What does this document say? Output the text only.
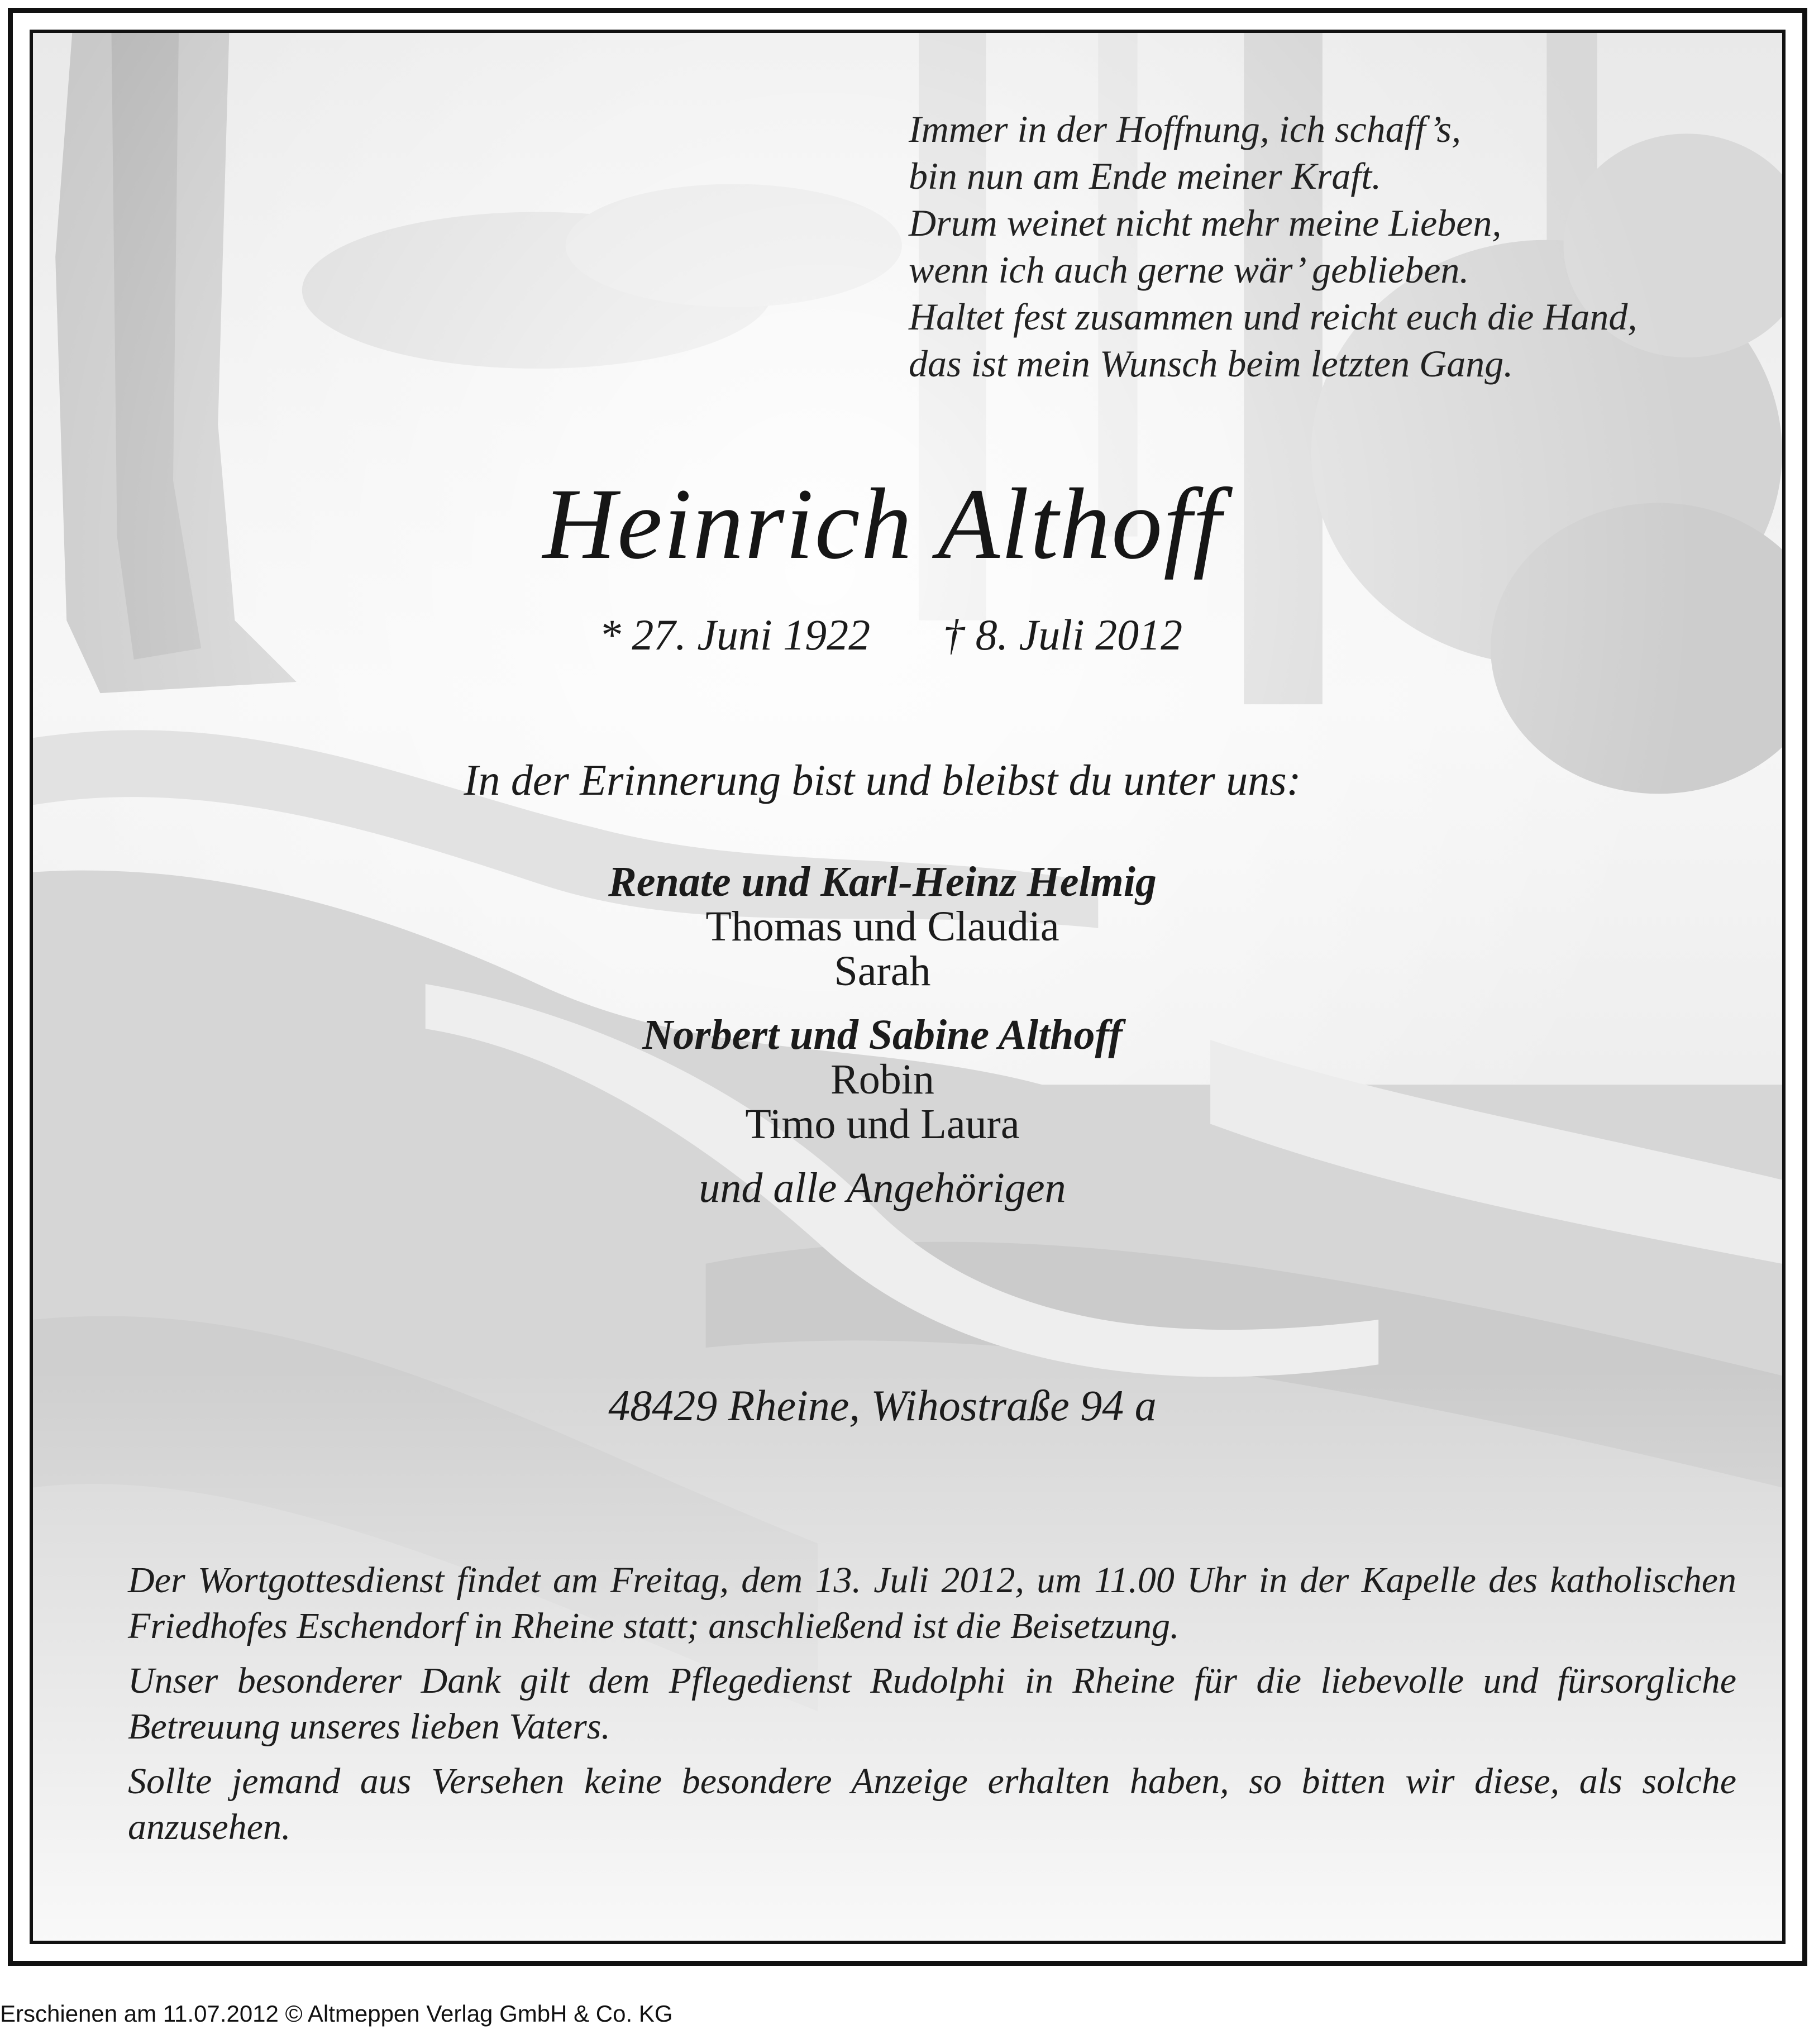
Immer in der Hoffnung, ich schaff’s,
bin nun am Ende meiner Kraft.
Drum weinet nicht mehr meine Lieben,
wenn ich auch gerne wär’ geblieben.
Haltet fest zusammen und reicht euch die Hand,
das ist mein Wunsch beim letzten Gang.
Heinrich Althoff
* 27. Juni 1922 † 8. Juli 2012
In der Erinnerung bist und bleibst du unter uns:
Renate und Karl-Heinz Helmig
Thomas und Claudia
Sarah
Norbert und Sabine Althoff
Robin
Timo und Laura
und alle Angehörigen
48429 Rheine, Wihostraße 94 a

Der Wortgottesdienst findet am Freitag, dem 13. Juli 2012, um 11.00 Uhr in der Kapelle des katholischen Friedhofes Eschendorf in Rheine statt; anschließend ist die Beisetzung.

Unser besonderer Dank gilt dem Pflegedienst Rudolphi in Rheine für die liebevolle und fürsorgliche Betreuung unseres lieben Vaters.

Sollte jemand aus Versehen keine besondere Anzeige erhalten haben, so bitten wir diese, als solche anzusehen.

Erschienen am 11.07.2012 © Altmeppen Verlag GmbH & Co. KG
